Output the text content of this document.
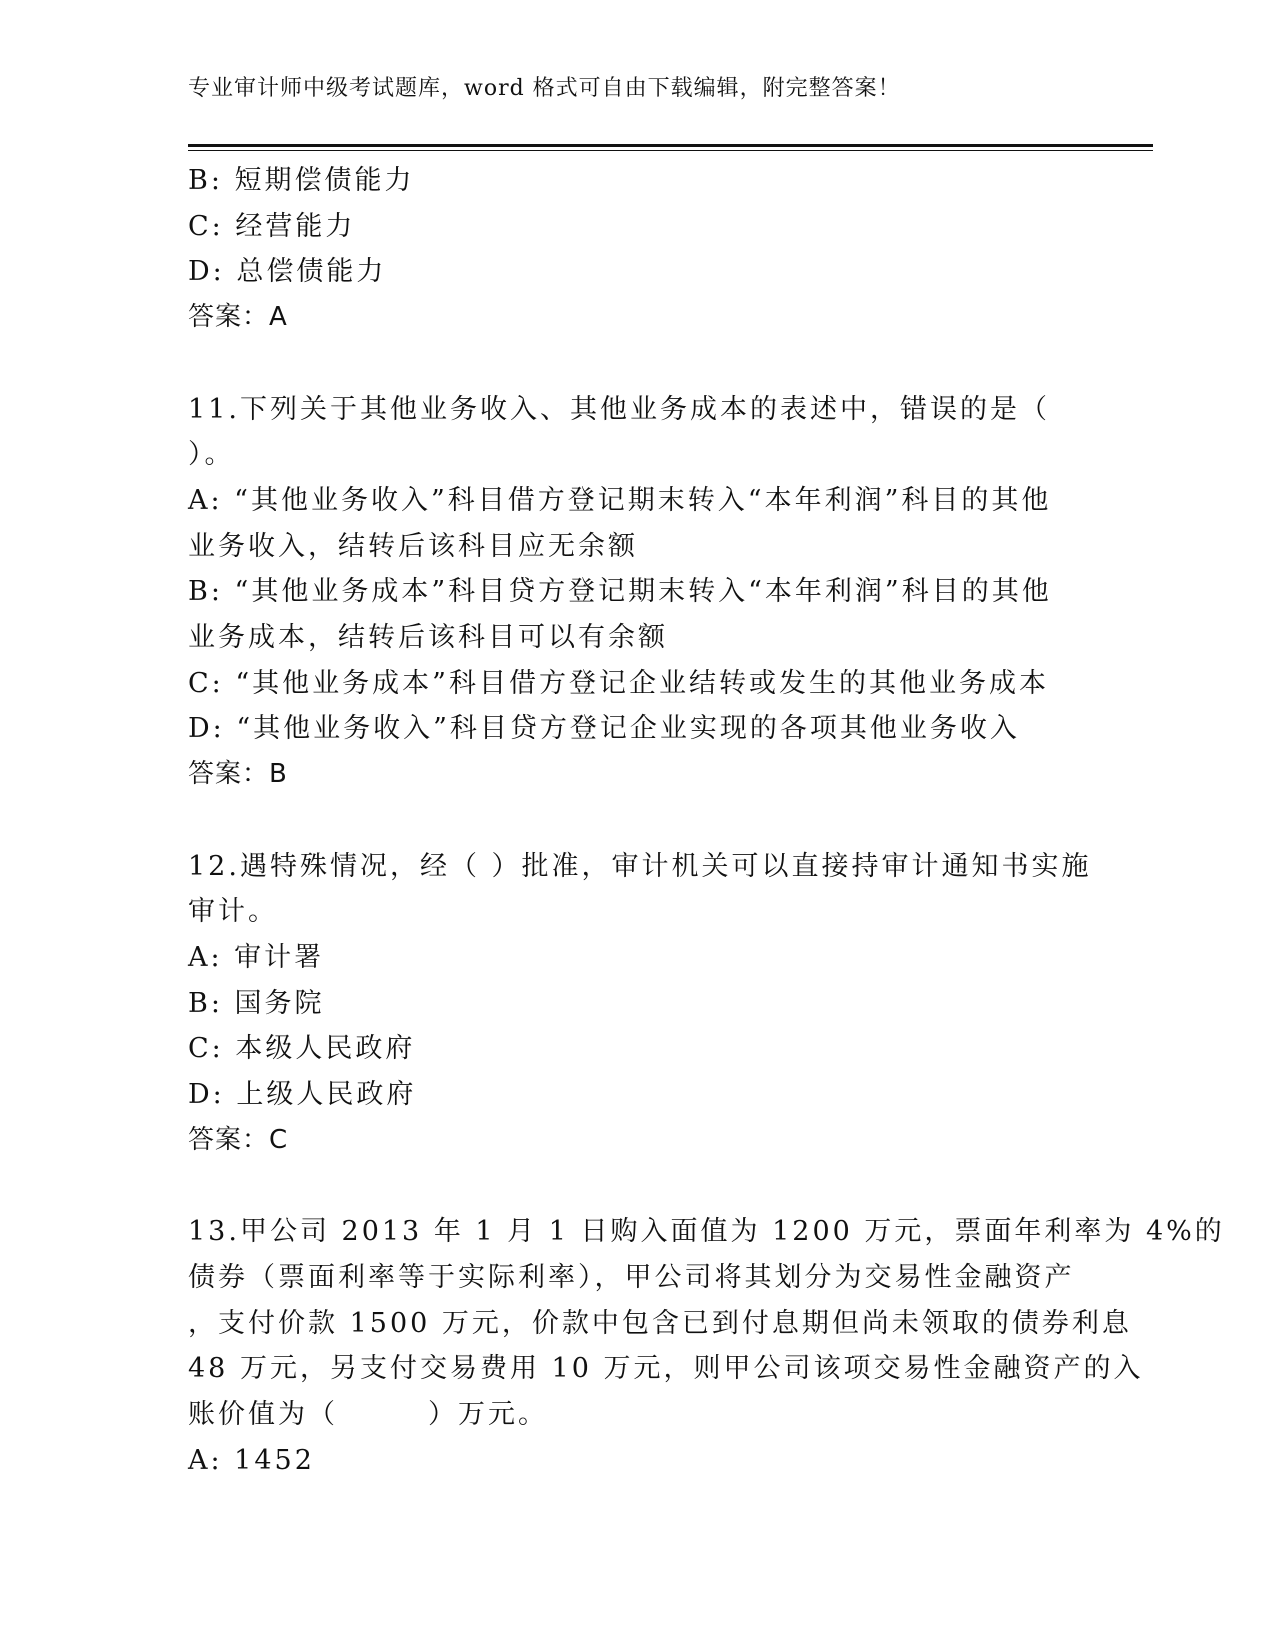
专业审计师中级考试题库，word 格式可自由下载编辑，附完整答案！
B: 短期偿债能力
C: 经营能力
D: 总偿债能力
答案：A
11.下列关于其他业务收入、其他业务成本的表述中，错误的是（
）。
A: “其他业务收入”科目借方登记期末转入“本年利润”科目的其他
业务收入，结转后该科目应无余额
B: “其他业务成本”科目贷方登记期末转入“本年利润”科目的其他
业务成本，结转后该科目可以有余额
C: “其他业务成本”科目借方登记企业结转或发生的其他业务成本
D: “其他业务收入”科目贷方登记企业实现的各项其他业务收入
答案：B
12.遇特殊情况，经（ ）批准，审计机关可以直接持审计通知书实施
审计。
A: 审计署
B: 国务院
C: 本级人民政府
D: 上级人民政府
答案：C
13.甲公司 2013 年 1 月 1 日购入面值为 1200 万元，票面年利率为 4%的
债券（票面利率等于实际利率），甲公司将其划分为交易性金融资产
，支付价款 1500 万元，价款中包含已到付息期但尚未领取的债券利息
48 万元，另支付交易费用 10 万元，则甲公司该项交易性金融资产的入
账价值为（　　　）万元。
A: 1452
